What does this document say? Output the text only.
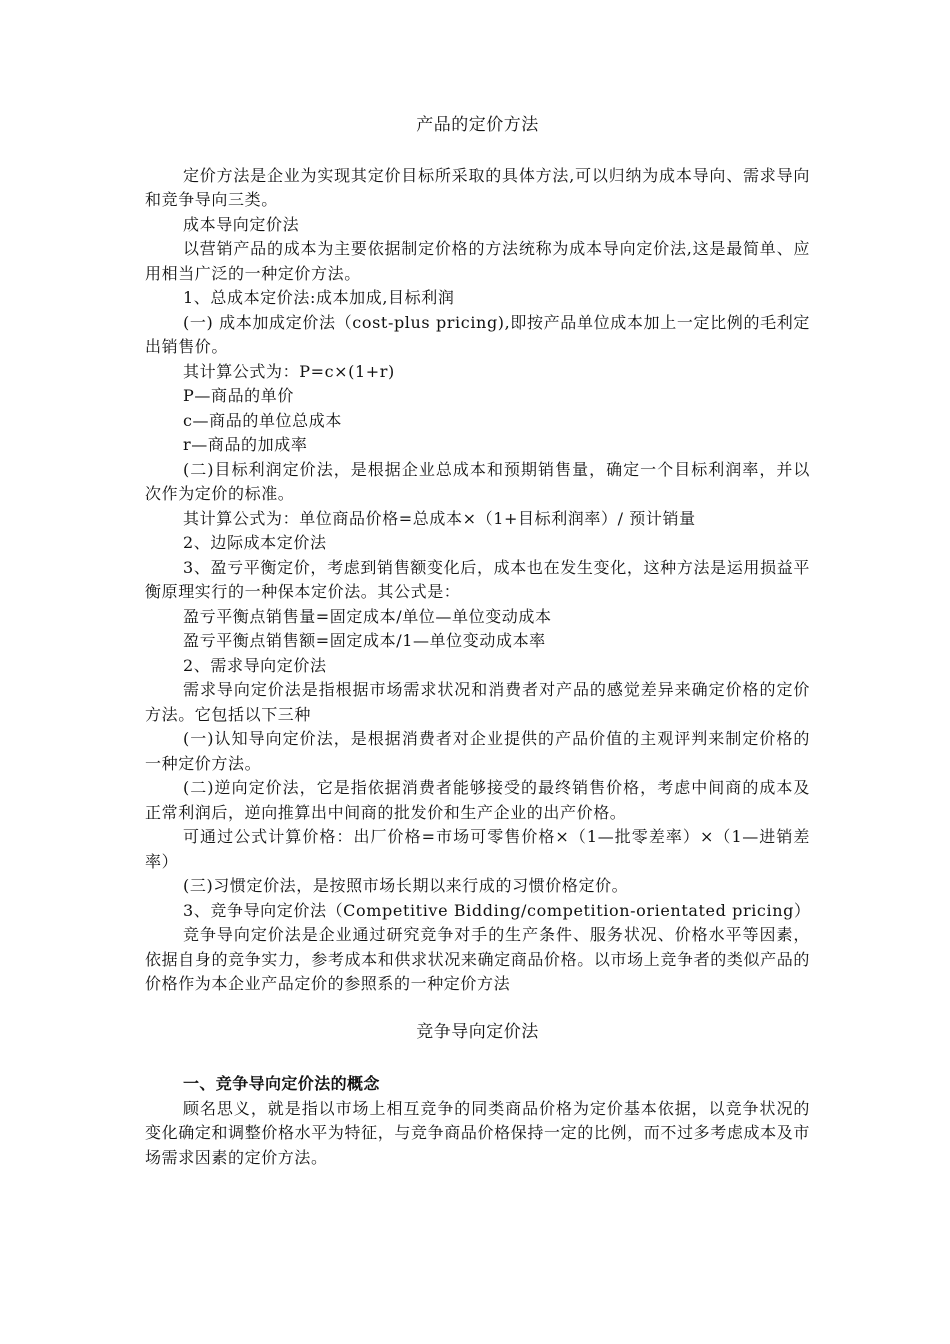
产品的定价方法

定价方法是企业为实现其定价目标所采取的具体方法,可以归纳为成本导向、需求导向和竞争导向三类。

成本导向定价法

以营销产品的成本为主要依据制定价格的方法统称为成本导向定价法,这是最简单、应用相当广泛的一种定价方法。

1、总成本定价法:成本加成,目标利润

(一) 成本加成定价法（cost-plus pricing),即按产品单位成本加上一定比例的毛利定出销售价。

其计算公式为：P=c×(1+r)

P—商品的单价

c—商品的单位总成本

r—商品的加成率

(二)目标利润定价法，是根据企业总成本和预期销售量，确定一个目标利润率，并以次作为定价的标准。

其计算公式为：单位商品价格=总成本×（1+目标利润率）/ 预计销量

2、边际成本定价法

3、盈亏平衡定价，考虑到销售额变化后，成本也在发生变化，这种方法是运用损益平衡原理实行的一种保本定价法。其公式是：

盈亏平衡点销售量=固定成本/单位—单位变动成本

盈亏平衡点销售额=固定成本/1—单位变动成本率

2、需求导向定价法

需求导向定价法是指根据市场需求状况和消费者对产品的感觉差异来确定价格的定价方法。它包括以下三种

(一)认知导向定价法，是根据消费者对企业提供的产品价值的主观评判来制定价格的一种定价方法。

(二)逆向定价法，它是指依据消费者能够接受的最终销售价格，考虑中间商的成本及正常利润后，逆向推算出中间商的批发价和生产企业的出产价格。

可通过公式计算价格：出厂价格=市场可零售价格×（1—批零差率）×（1—进销差率）

(三)习惯定价法，是按照市场长期以来行成的习惯价格定价。

3、竞争导向定价法（Competitive Bidding/competition-orientated pricing）

竞争导向定价法是企业通过研究竞争对手的生产条件、服务状况、价格水平等因素，依据自身的竞争实力，参考成本和供求状况来确定商品价格。以市场上竞争者的类似产品的价格作为本企业产品定价的参照系的一种定价方法

竞争导向定价法

一、竞争导向定价法的概念

顾名思义，就是指以市场上相互竞争的同类商品价格为定价基本依据，以竞争状况的变化确定和调整价格水平为特征，与竞争商品价格保持一定的比例，而不过多考虑成本及市场需求因素的定价方法。
